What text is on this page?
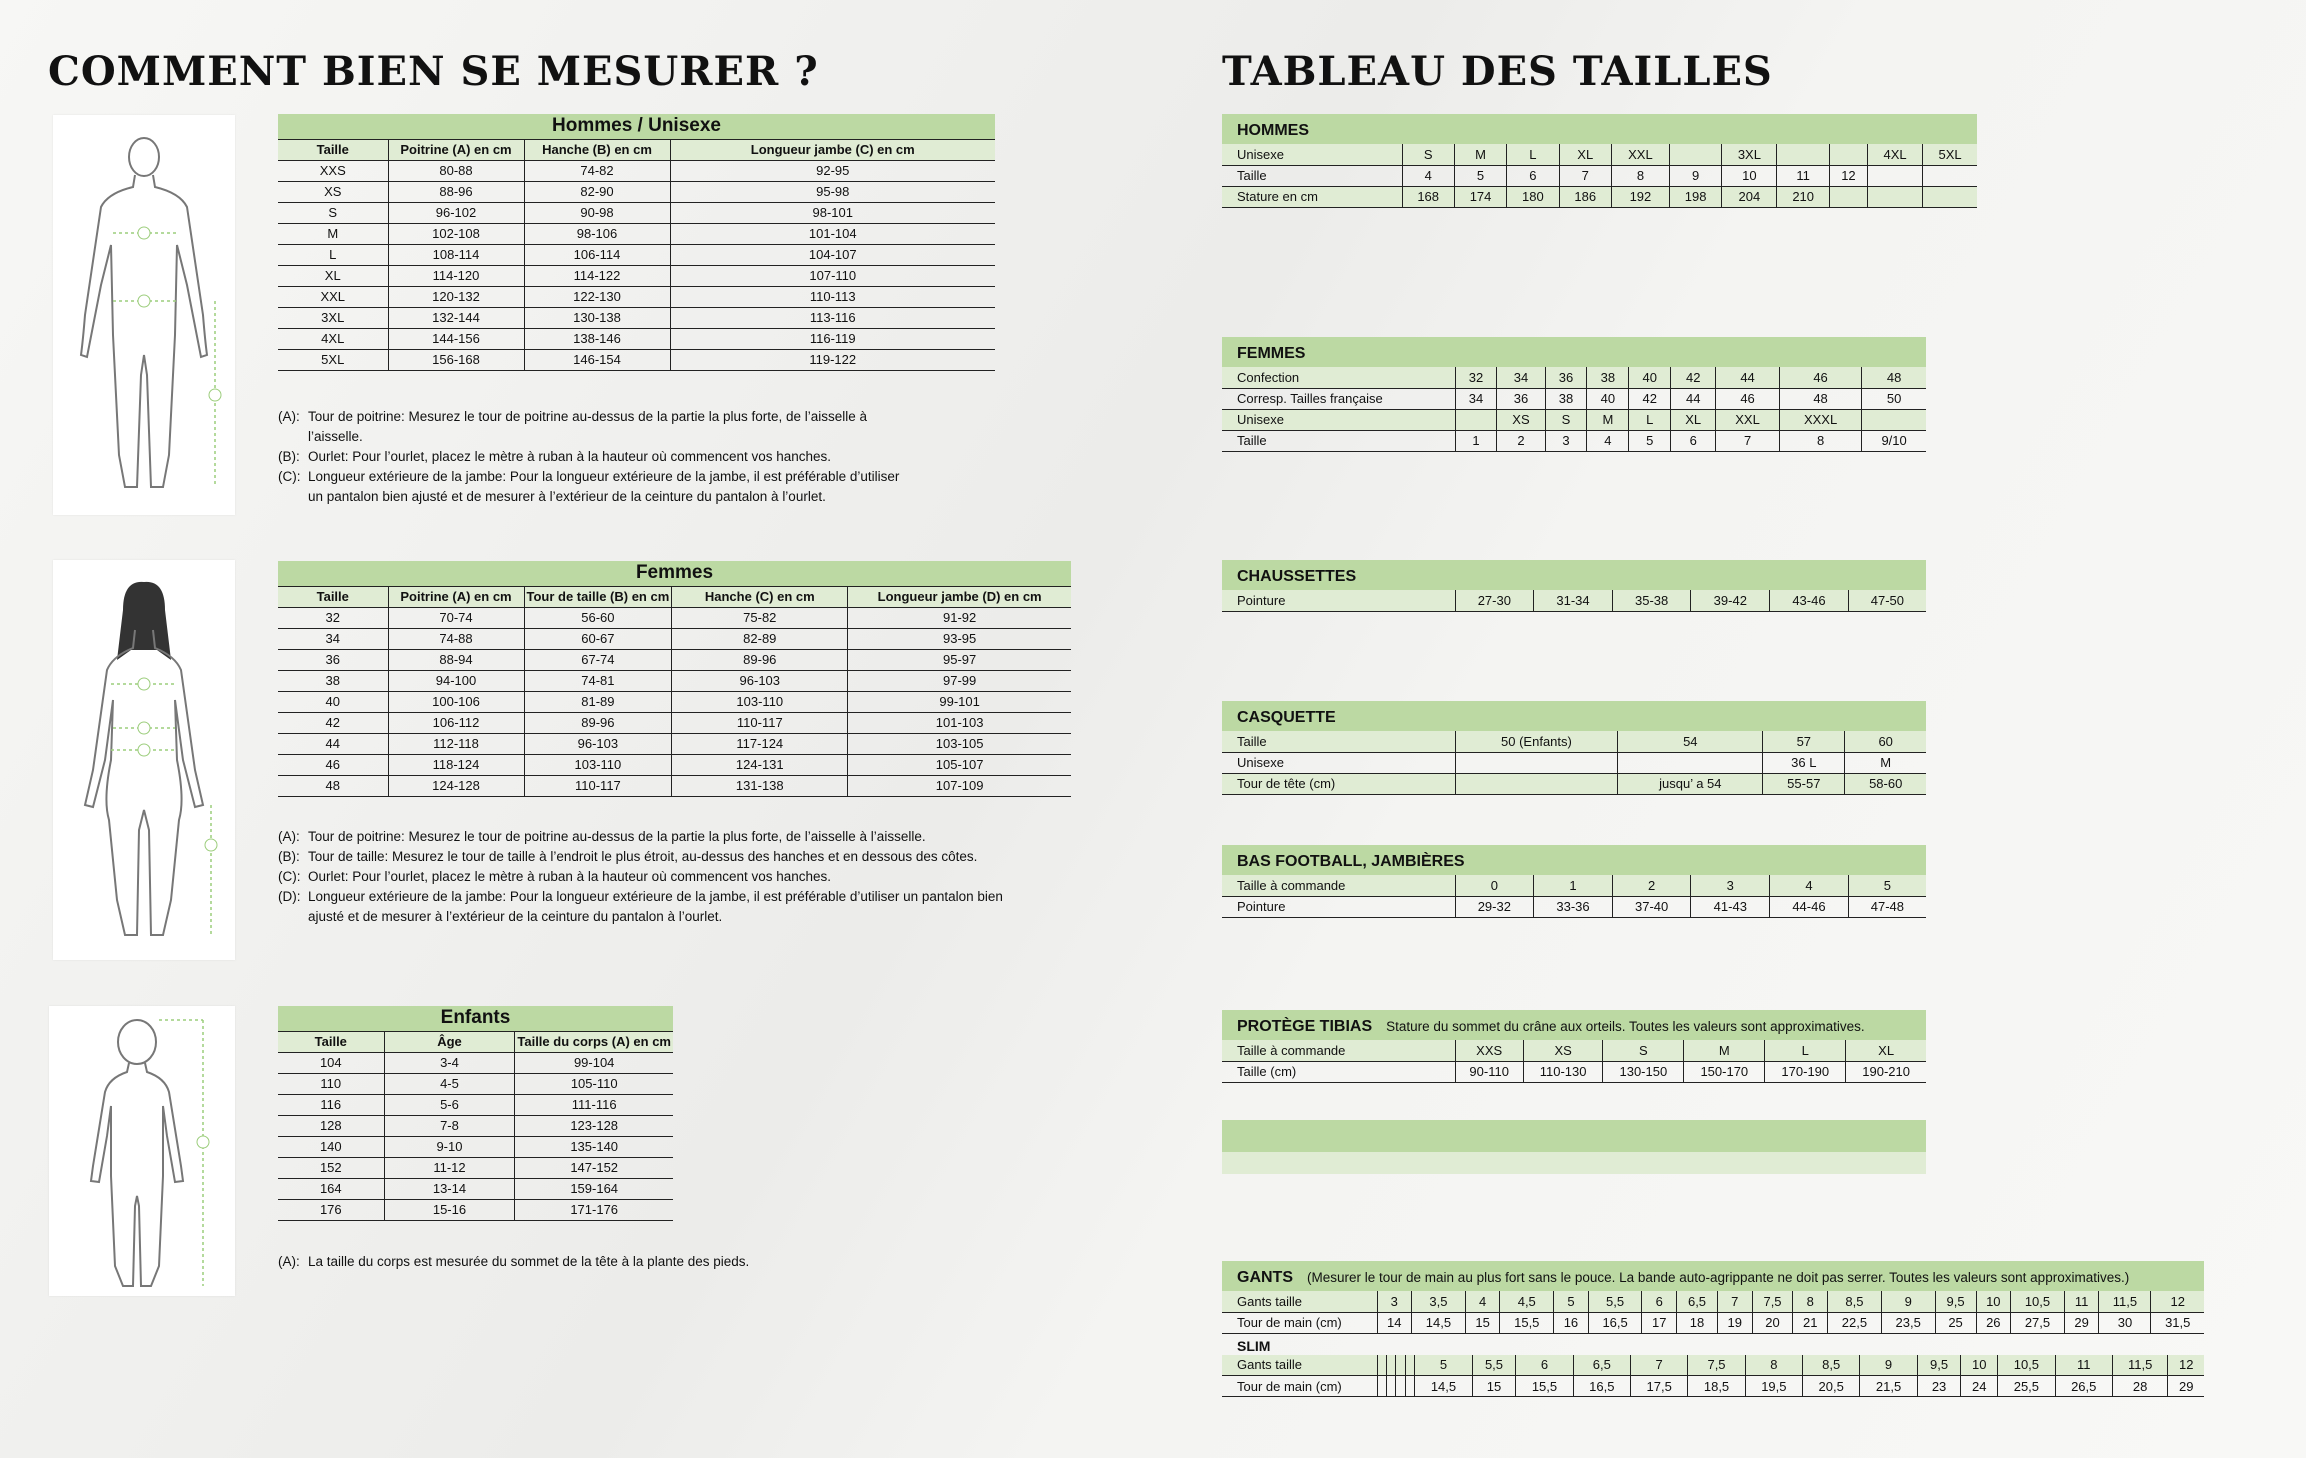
COMMENT BIEN SE MESURER ?	TABLEAU DES TAILLES
Hommes / Unisexe			
Taille	Poitrine (A) en cm	Hanche (B) en cm	Longueur jambe (C) en cm
XXS	80-88	74-82	92-95
XS	88-96	82-90	95-98
S	96-102	90-98	98-101
M	102-108	98-106	101-104
L	108-114	106-114	104-107
XL	114-120	114-122	107-110
XXL	120-132	122-130	110-113
3XL	132-144	130-138	113-116
4XL	144-156	138-146	116-119
5XL	156-168	146-154	119-122
(A): Tour de poitrine: Mesurez le tour de poitrine au-dessus de la partie la plus forte, de l’aisselle à l’aisselle.
(B): Ourlet: Pour l’ourlet, placez le mètre à ruban à la hauteur où commencent vos hanches.
(C): Longueur extérieure de la jambe: Pour la longueur extérieure de la jambe, il est préférable d’utiliser un pantalon bien ajusté et de mesurer à l’extérieur de la ceinture du pantalon à l’ourlet.
Femmes				
Taille	Poitrine (A) en cm	Tour de taille (B) en cm	Hanche (C) en cm	Longueur jambe (D) en cm
32	70-74	56-60	75-82	91-92
34	74-88	60-67	82-89	93-95
36	88-94	67-74	89-96	95-97
38	94-100	74-81	96-103	97-99
40	100-106	81-89	103-110	99-101
42	106-112	89-96	110-117	101-103
44	112-118	96-103	117-124	103-105
46	118-124	103-110	124-131	105-107
48	124-128	110-117	131-138	107-109
(A): Tour de poitrine: Mesurez le tour de poitrine au-dessus de la partie la plus forte, de l’aisselle à l’aisselle.
(B): Tour de taille: Mesurez le tour de taille à l’endroit le plus étroit, au-dessus des hanches et en dessous des côtes.
(C): Ourlet: Pour l’ourlet, placez le mètre à ruban à la hauteur où commencent vos hanches.
(D): Longueur extérieure de la jambe: Pour la longueur extérieure de la jambe, il est préférable d’utiliser un pantalon bien ajusté et de mesurer à l’extérieur de la ceinture du pantalon à l’ourlet.
Enfants		
Taille	Âge	Taille du corps (A) en cm
104	3-4	99-104
110	4-5	105-110
116	5-6	111-116
128	7-8	123-128
140	9-10	135-140
152	11-12	147-152
164	13-14	159-164
176	15-16	171-176
(A): La taille du corps est mesurée du sommet de la tête à la plante des pieds.
HOMMES
Unisexe	S	M	L	XL	XXL		3XL			4XL	5XL
Taille	4	5	6	7	8	9	10	11	12		
Stature en cm	168	174	180	186	192	198	204	210			
FEMMES
Confection	32	34	36	38	40	42	44	46	48
Corresp. Tailles française	34	36	38	40	42	44	46	48	50
Unisexe		XS	S	M	L	XL	XXL	XXXL	
Taille	1	2	3	4	5	6	7	8	9/10
CHAUSSETTES
Pointure	27-30	31-34	35-38	39-42	43-46	47-50
CASQUETTE
Taille	50 (Enfants)	54	57	60
Unisexe			36 L	M
Tour de tête (cm)		jusqu’ a 54	55-57	58-60
BAS FOOTBALL, JAMBIÈRES
Taille à commande	0	1	2	3	4	5
Pointure	29-32	33-36	37-40	41-43	44-46	47-48
PROTÈGE TIBIAS Stature du sommet du crâne aux orteils. Toutes les valeurs sont approximatives.
Taille à commande	XXS	XS	S	M	L	XL
Taille (cm)	90-110	110-130	130-150	150-170	170-190	190-210
GANTS (Mesurer le tour de main au plus fort sans le pouce. La bande auto-agrippante ne doit pas serrer. Toutes les valeurs sont approximatives.)
Gants taille	3	3,5	4	4,5	5	5,5	6	6,5	7	7,5	8	8,5	9	9,5	10	10,5	11	11,5	12
Tour de main (cm)	14	14,5	15	15,5	16	16,5	17	18	19	20	21	22,5	23,5	25	26	27,5	29	30	31,5
SLIM
Gants taille					5	5,5	6	6,5	7	7,5	8	8,5	9	9,5	10	10,5	11	11,5	12
Tour de main (cm)					14,5	15	15,5	16,5	17,5	18,5	19,5	20,5	21,5	23	24	25,5	26,5	28	29
